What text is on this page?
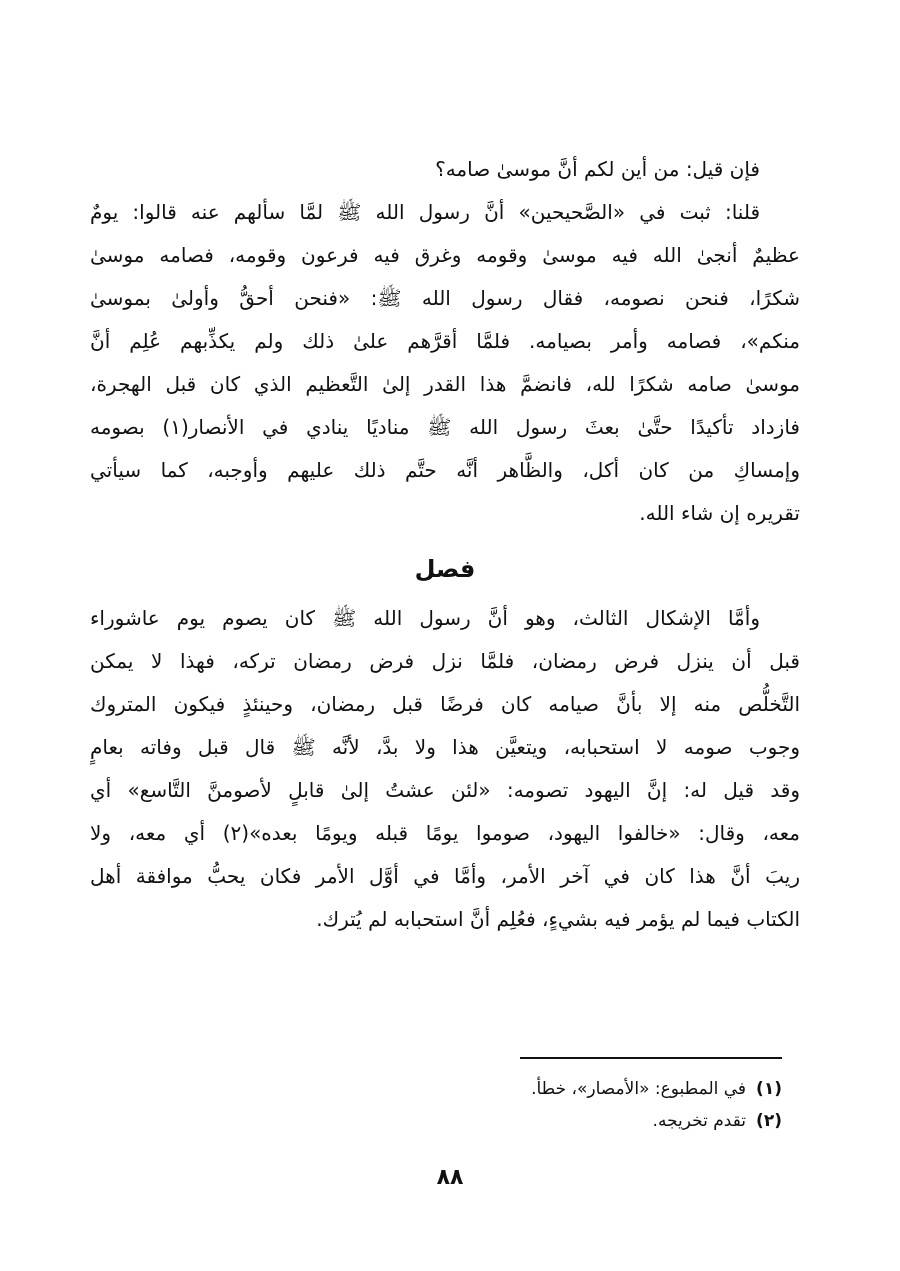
فإن قيل: من أين لكم أنَّ موسىٰ صامه؟
قلنا: ثبت في «الصَّحيحين» أنَّ رسول الله ﷺ لمَّا سألهم عنه قالوا: يومٌ
عظيمٌ أنجىٰ الله فيه موسىٰ وقومه وغرق فيه فرعون وقومه، فصامه موسىٰ
شكرًا، فنحن نصومه، فقال رسول الله ﷺ: «فنحن أحقُّ وأولىٰ بموسىٰ
منكم»، فصامه وأمر بصيامه. فلمَّا أقرَّهم علىٰ ذلك ولم يكذِّبهم عُلِم أنَّ
موسىٰ صامه شكرًا لله، فانضمَّ هذا القدر إلىٰ التَّعظيم الذي كان قبل الهجرة،
فازداد تأكيدًا حتَّىٰ بعثَ رسول الله ﷺ مناديًا ينادي في الأنصار(١) بصومه
وإمساكِ من كان أكل، والظَّاهر أنَّه حتَّم ذلك عليهم وأوجبه، كما سيأتي
تقريره إن شاء الله.
فصل
وأمَّا الإشكال الثالث، وهو أنَّ رسول الله ﷺ كان يصوم يوم عاشوراء
قبل أن ينزل فرض رمضان، فلمَّا نزل فرض رمضان تركه، فهذا لا يمكن
التَّخلُّص منه إلا بأنَّ صيامه كان فرضًا قبل رمضان، وحينئذٍ فيكون المتروك
وجوب صومه لا استحبابه، ويتعيَّن هذا ولا بدَّ، لأنَّه ﷺ قال قبل وفاته بعامٍ
وقد قيل له: إنَّ اليهود تصومه: «لئن عشتُ إلىٰ قابلٍ لأصومنَّ التَّاسع» أي
معه، وقال: «خالفوا اليهود، صوموا يومًا قبله ويومًا بعده»(٢) أي معه، ولا
ريبَ أنَّ هذا كان في آخر الأمر، وأمَّا في أوَّل الأمر فكان يحبُّ موافقة أهل
الكتاب فيما لم يؤمر فيه بشيءٍ، فعُلِم أنَّ استحبابه لم يُترك.
(١)في المطبوع: «الأمصار»، خطأ.
(٢)تقدم تخريجه.
٨٨
